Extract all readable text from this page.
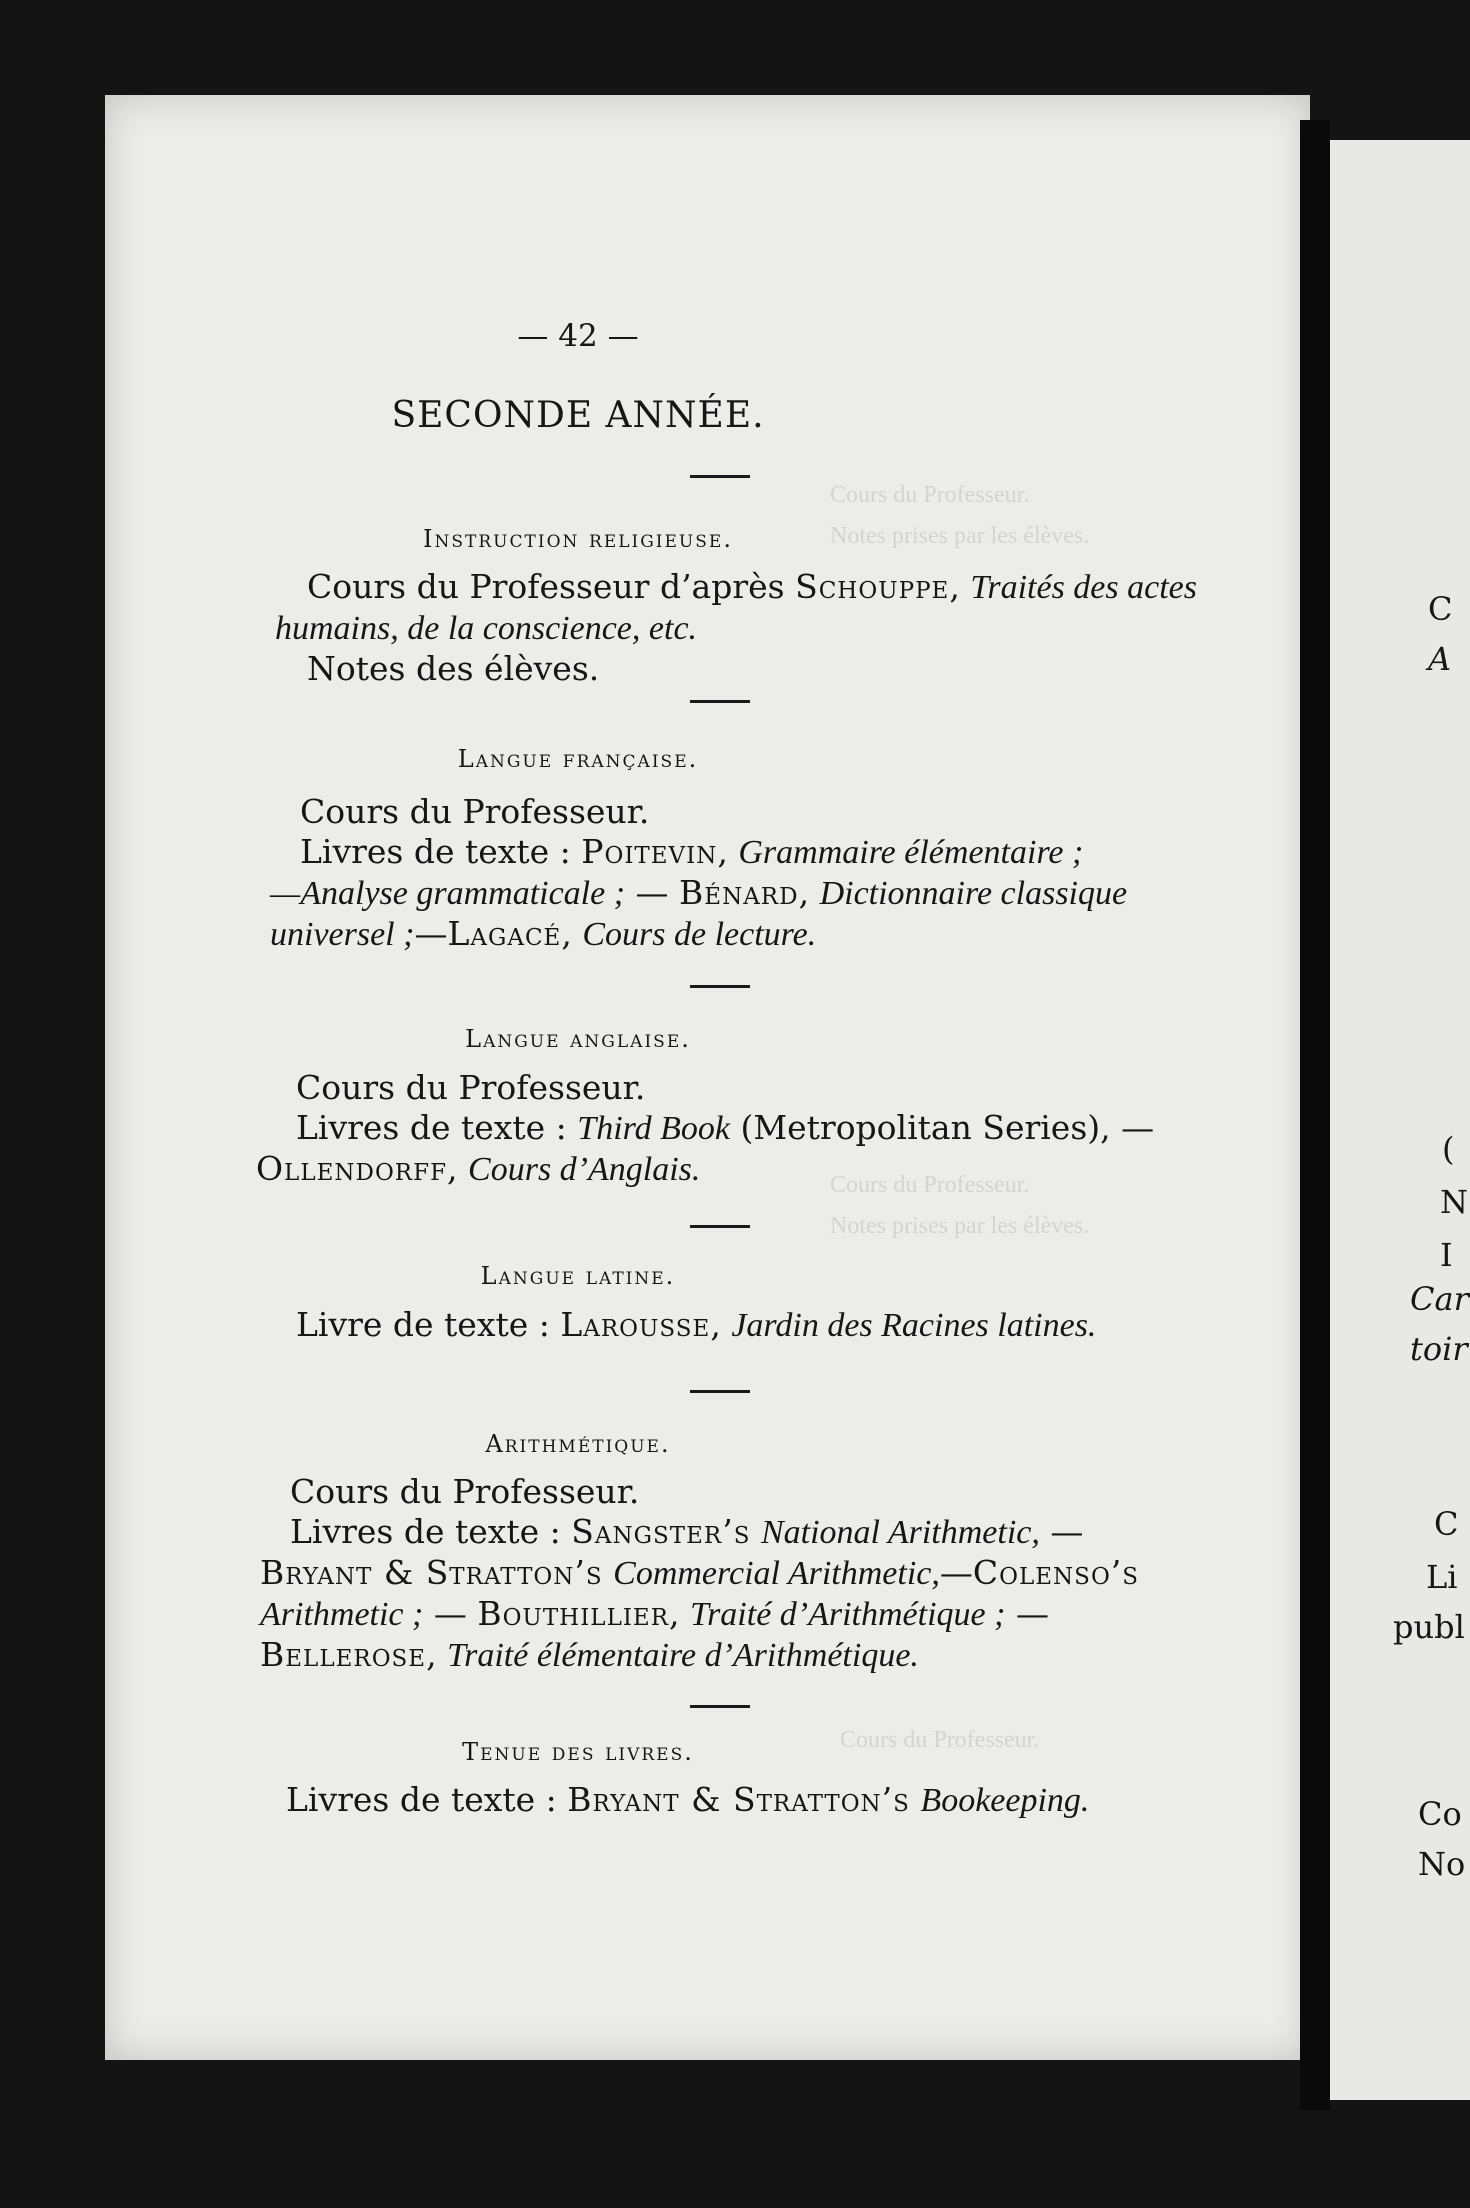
Cours du Professeur.
Notes prises par les élèves.
Cours du Professeur.
Notes prises par les élèves.
Cours du Professeur.
— 42 —
SECONDE ANNÉE.
Instruction religieuse.
Cours du Professeur d’après Schouppe, Traités des actes
humains, de la conscience, etc.
Notes des élèves.
Langue française.
Cours du Professeur.
Livres de texte : Poitevin, Grammaire élémentaire ;
—Analyse grammaticale ; — Bénard, Dictionnaire classique
universel ;—Lagacé, Cours de lecture.
Langue anglaise.
Cours du Professeur.
Livres de texte : Third Book (Metropolitan Series), —
Ollendorff, Cours d’Anglais.
Langue latine.
Livre de texte : Larousse, Jardin des Racines latines.
Arithmétique.
Cours du Professeur.
Livres de texte : Sangster’s National Arithmetic, —
Bryant & Stratton’s Commercial Arithmetic,—Colenso’s
Arithmetic ; — Bouthillier, Traité d’Arithmétique ; —
Bellerose, Traité élémentaire d’Arithmétique.
Tenue des livres.
Livres de texte : Bryant & Stratton’s Bookeeping.
C
A
(
N
I
Car
toir
C
Li
publ
Co
No
